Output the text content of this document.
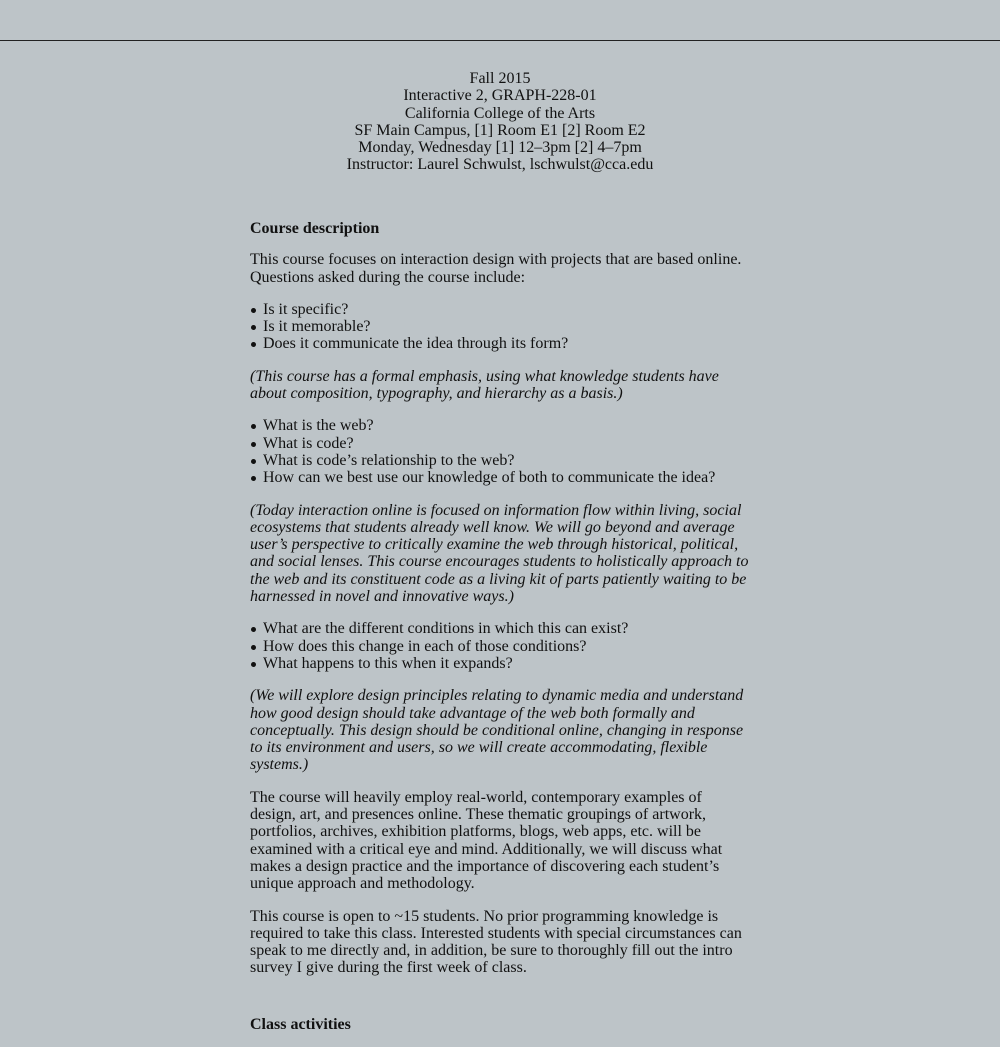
Fall 2015
Interactive 2, GRAPH-228-01
California College of the Arts
SF Main Campus, [1] Room E1 [2] Room E2
Monday, Wednesday [1] 12–3pm [2] 4–7pm
Instructor: Laurel Schwulst, lschwulst@cca.edu
Course description

This course focuses on interaction design with projects that are based online. Questions asked during the course include:

Is it specific?
Is it memorable?
Does it communicate the idea through its form?

(This course has a formal emphasis, using what knowledge students have about composition, typography, and hierarchy as a basis.)

What is the web?
What is code?
What is code’s relationship to the web?
How can we best use our knowledge of both to communicate the idea?

(Today interaction online is focused on information flow within living, social ecosystems that students already well know. We will go beyond and average user’s perspective to critically examine the web through historical, political, and social lenses. This course encourages students to holistically approach to the web and its constituent code as a living kit of parts patiently waiting to be harnessed in novel and innovative ways.)

What are the different conditions in which this can exist?
How does this change in each of those conditions?
What happens to this when it expands?

(We will explore design principles relating to dynamic media and understand how good design should take advantage of the web both formally and conceptually. This design should be conditional online, changing in response to its environment and users, so we will create accommodating, flexible systems.)

The course will heavily employ real-world, contemporary examples of design, art, and presences online. These thematic groupings of artwork, portfolios, archives, exhibition platforms, blogs, web apps, etc. will be examined with a critical eye and mind. Additionally, we will discuss what makes a design practice and the importance of discovering each student’s unique approach and methodology.

This course is open to ~15 students. No prior programming knowledge is required to take this class. Interested students with special circumstances can speak to me directly and, in addition, be sure to thoroughly fill out the intro survey I give during the first week of class.

Class activities
